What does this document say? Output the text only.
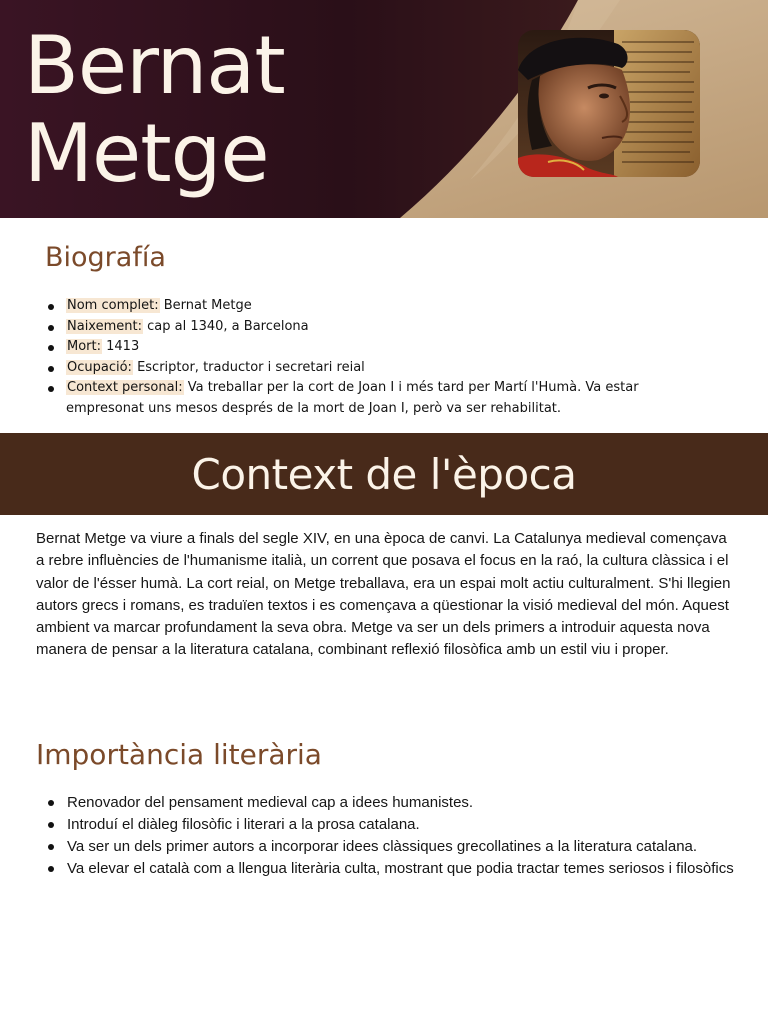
Bernat
Metge
Biografía
Nom complet: Bernat Metge
Naixement: cap al 1340, a Barcelona
Mort: 1413
Ocupació: Escriptor, traductor i secretari reial
Context personal: Va treballar per la cort de Joan I i més tard per Martí l'Humà. Va estar empresonat uns mesos després de la mort de Joan I, però va ser rehabilitat.
Context de l'època

Bernat Metge va viure a finals del segle XIV, en una època de canvi. La Catalunya medieval començava a rebre influències de l'humanisme italià, un corrent que posava el focus en la raó, la cultura clàssica i el valor de l'ésser humà. La cort reial, on Metge treballava, era un espai molt actiu culturalment. S'hi llegien autors grecs i romans, es traduïen textos i es començava a qüestionar la visió medieval del món. Aquest ambient va marcar profundament la seva obra. Metge va ser un dels primers a introduir aquesta nova manera de pensar a la literatura catalana, combinant reflexió filosòfica amb un estil viu i proper.

Importància literària
Renovador del pensament medieval cap a idees humanistes.
Introduí el diàleg filosòfic i literari a la prosa catalana.
Va ser un dels primer autors a incorporar idees clàssiques grecollatines a la literatura catalana.
Va elevar el català com a llengua literària culta, mostrant que podia tractar temes seriosos i filosòfics
